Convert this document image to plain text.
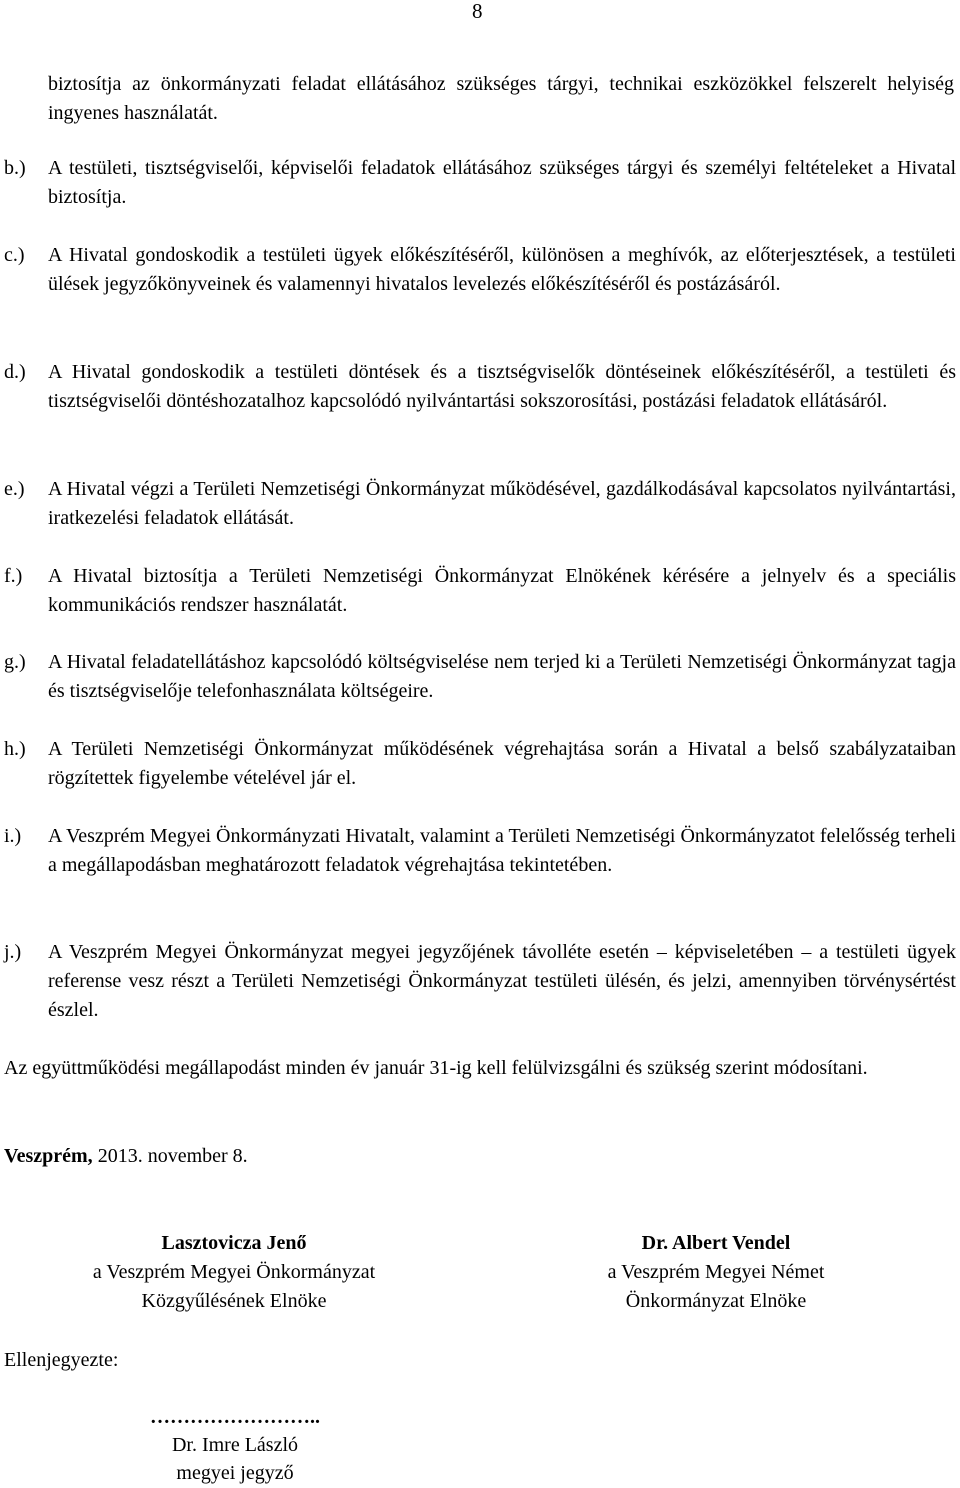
8
biztosítja az önkormányzati feladat ellátásához szükséges tárgyi, technikai eszközökkel felszerelt helyiség ingyenes használatát.
b.) A testületi, tisztségviselői, képviselői feladatok ellátásához szükséges tárgyi és személyi feltételeket a Hivatal biztosítja.
c.) A Hivatal gondoskodik a testületi ügyek előkészítéséről, különösen a meghívók, az előterjesztések, a testületi ülések jegyzőkönyveinek és valamennyi hivatalos levelezés előkészítéséről és postázásáról.
d.) A Hivatal gondoskodik a testületi döntések és a tisztségviselők döntéseinek előkészítéséről, a testületi és tisztségviselői döntéshozatalhoz kapcsolódó nyilvántartási sokszorosítási, postázási feladatok ellátásáról.
e.) A Hivatal végzi a Területi Nemzetiségi Önkormányzat működésével, gazdálkodásával kapcsolatos nyilvántartási, iratkezelési feladatok ellátását.
f.) A Hivatal biztosítja a Területi Nemzetiségi Önkormányzat Elnökének kérésére a jelnyelv és a speciális kommunikációs rendszer használatát.
g.) A Hivatal feladatellátáshoz kapcsolódó költségviselése nem terjed ki a Területi Nemzetiségi Önkormányzat tagja és tisztségviselője telefonhasználata költségeire.
h.) A Területi Nemzetiségi Önkormányzat működésének végrehajtása során a Hivatal a belső szabályzataiban rögzítettek figyelembe vételével jár el.
i.) A Veszprém Megyei Önkormányzati Hivatalt, valamint a Területi Nemzetiségi Önkormányzatot felelősség terheli a megállapodásban meghatározott feladatok végrehajtása tekintetében.
j.) A Veszprém Megyei Önkormányzat megyei jegyzőjének távolléte esetén – képviseletében – a testületi ügyek referense vesz részt a Területi Nemzetiségi Önkormányzat testületi ülésén, és jelzi, amennyiben törvénysértést észlel.
Az együttműködési megállapodást minden év január 31-ig kell felülvizsgálni és szükség szerint módosítani.
Veszprém, 2013. november 8.
Lasztovicza Jenő
a Veszprém Megyei Önkormányzat
Közgyűlésének Elnöke
Dr. Albert Vendel
a Veszprém Megyei Német
Önkormányzat Elnöke
Ellenjegyezte:
……………………..
Dr. Imre László
megyei jegyző
